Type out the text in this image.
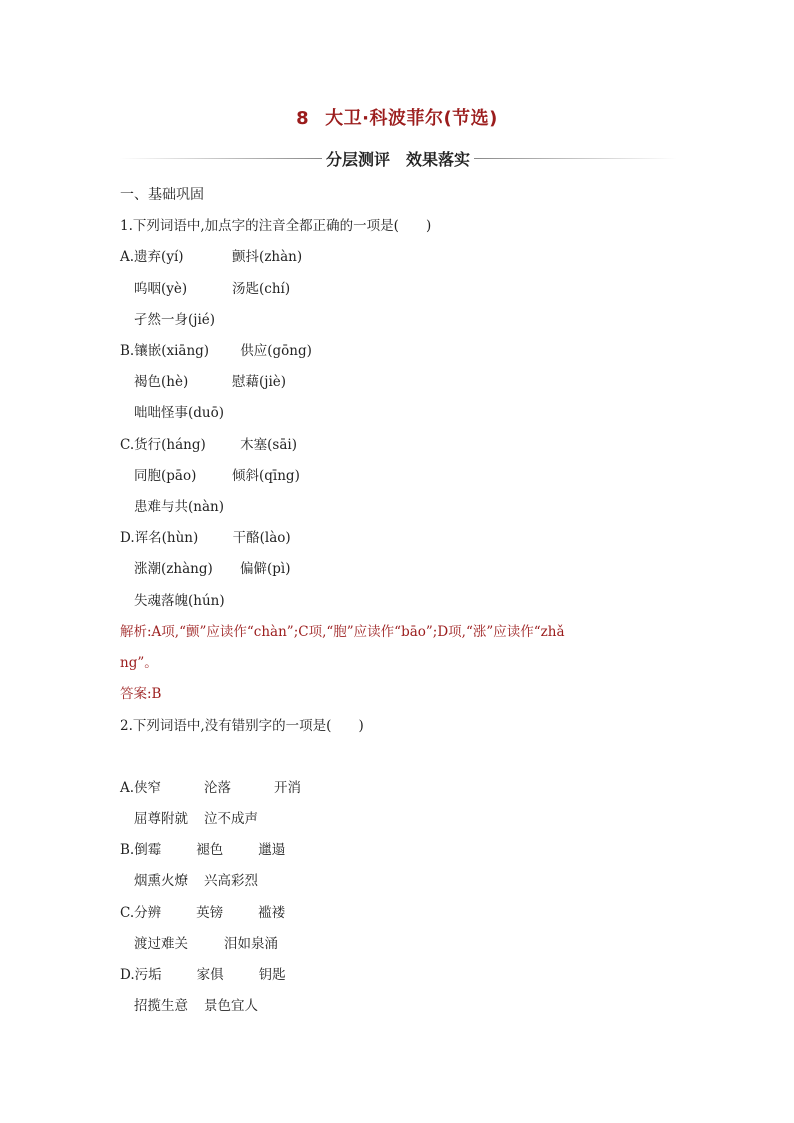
8 大卫·科波菲尔(节选)
分层测评　效果落实
一、基础巩固
1.下列词语中,加点字的注音全都正确的一项是(　　)
A.遗弃(yí)	颤抖(zhàn)
呜咽(yè)	汤匙(chí)
孑然一身(jié)
B.镶嵌(xiāng) 供应(gōng)
褐色(hè)	慰藉(jiè)
咄咄怪事(duō)
C.货行(háng)	木塞(sāi)
同胞(pāo)	倾斜(qīng)
患难与共(nàn)
D.诨名(hùn)	干酪(lào)
涨潮(zhàng) 偏僻(pì)
失魂落魄(hún)
解析:A项,“颤”应读作“chàn”;C项,“胞”应读作“bāo”;D项,“涨”应读作“zhǎ
ng”。
答案:B
2.下列词语中,没有错别字的一项是(　　)
A.侠窄	沦落	开消
屈尊附就 泣不成声
B.倒霉	褪色	邋遢
烟熏火燎 兴高彩烈
C.分辨	英镑	褴褛
渡过难关	泪如泉涌
D.污垢	家俱	钥匙
招揽生意 景色宜人
